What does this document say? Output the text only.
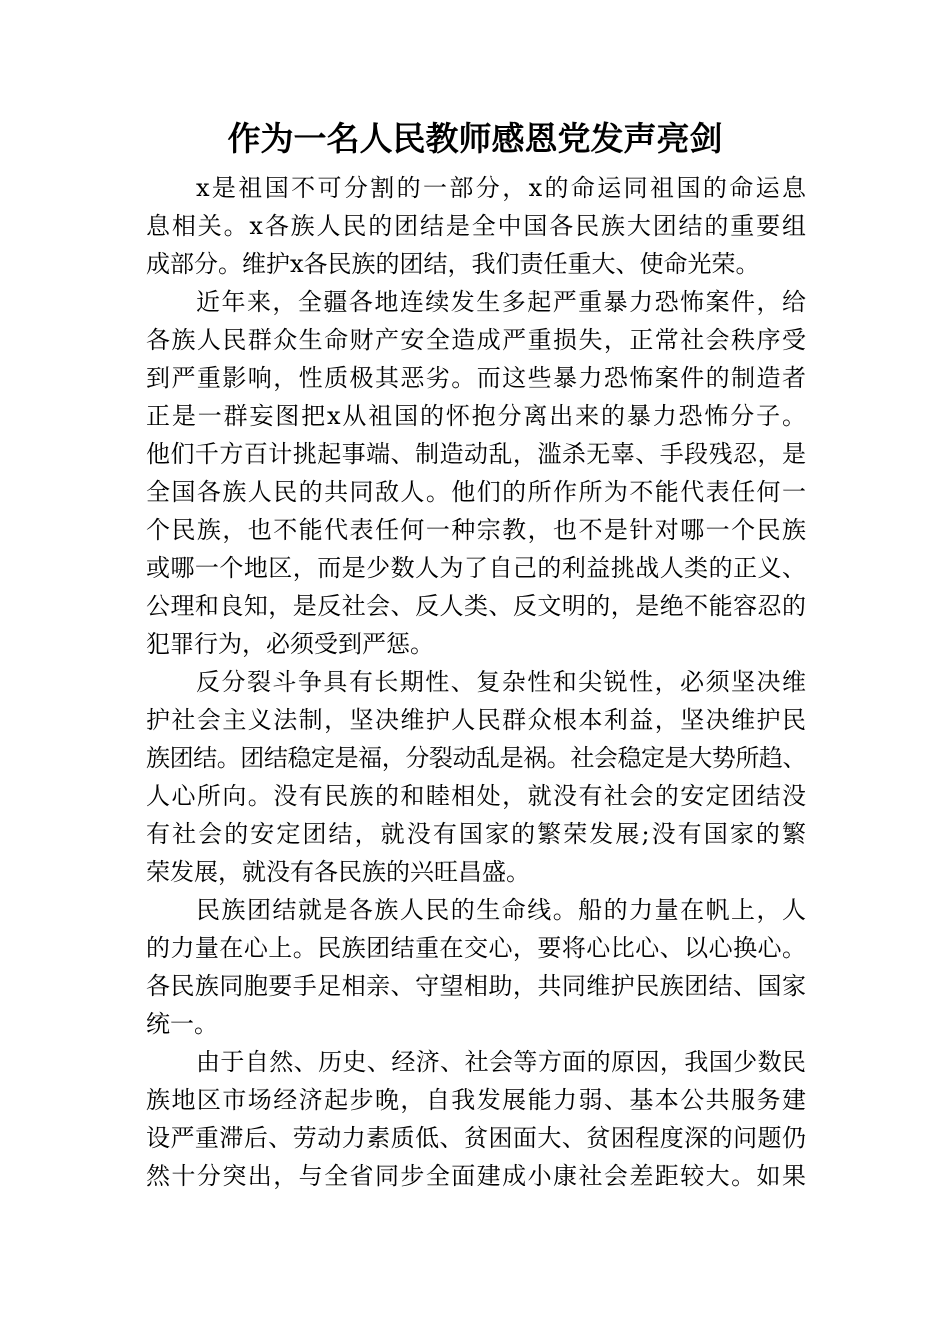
作为一名人民教师感恩党发声亮剑
x是祖国不可分割的一部分，x的命运同祖国的命运息
息相关。x各族人民的团结是全中国各民族大团结的重要组
成部分。维护x各民族的团结，我们责任重大、使命光荣。
近年来，全疆各地连续发生多起严重暴力恐怖案件，给
各族人民群众生命财产安全造成严重损失，正常社会秩序受
到严重影响，性质极其恶劣。而这些暴力恐怖案件的制造者
正是一群妄图把x从祖国的怀抱分离出来的暴力恐怖分子。
他们千方百计挑起事端、制造动乱，滥杀无辜、手段残忍，是
全国各族人民的共同敌人。他们的所作所为不能代表任何一
个民族，也不能代表任何一种宗教，也不是针对哪一个民族
或哪一个地区，而是少数人为了自己的利益挑战人类的正义、
公理和良知，是反社会、反人类、反文明的，是绝不能容忍的
犯罪行为，必须受到严惩。
反分裂斗争具有长期性、复杂性和尖锐性，必须坚决维
护社会主义法制，坚决维护人民群众根本利益，坚决维护民
族团结。团结稳定是福，分裂动乱是祸。社会稳定是大势所趋、
人心所向。没有民族的和睦相处，就没有社会的安定团结没
有社会的安定团结，就没有国家的繁荣发展;没有国家的繁
荣发展，就没有各民族的兴旺昌盛。
民族团结就是各族人民的生命线。船的力量在帆上，人
的力量在心上。民族团结重在交心，要将心比心、以心换心。
各民族同胞要手足相亲、守望相助，共同维护民族团结、国家
统一。
由于自然、历史、经济、社会等方面的原因，我国少数民
族地区市场经济起步晚，自我发展能力弱、基本公共服务建
设严重滞后、劳动力素质低、贫困面大、贫困程度深的问题仍
然十分突出，与全省同步全面建成小康社会差距较大。如果
